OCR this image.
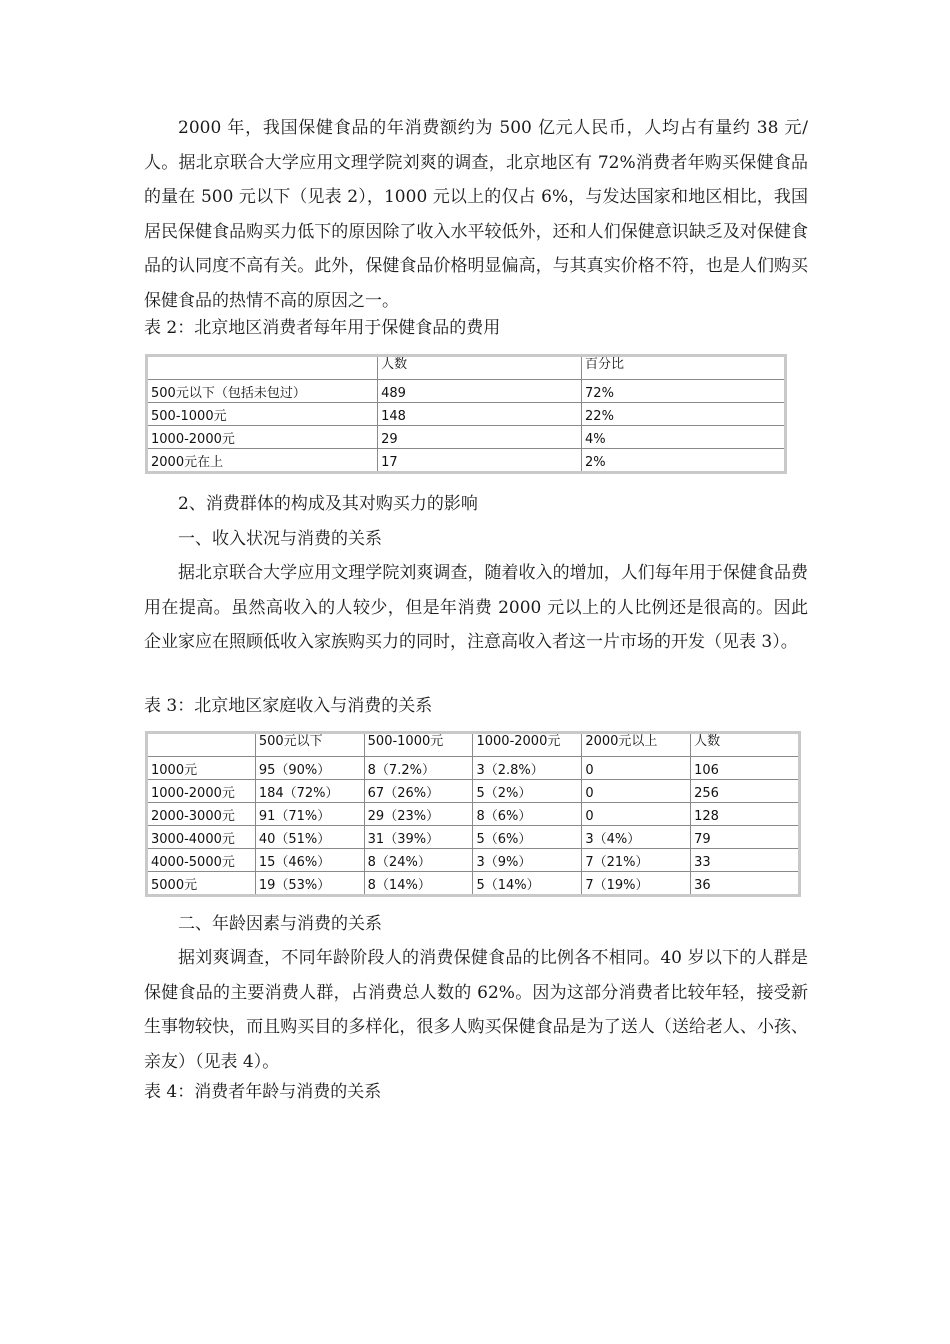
2000 年，我国保健食品的年消费额约为 500 亿元人民币，人均占有量约 38 元/人。据北京联合大学应用文理学院刘爽的调查，北京地区有 72%消费者年购买保健食品的量在 500 元以下（见表 2），1000 元以上的仅占 6%，与发达国家和地区相比，我国居民保健食品购买力低下的原因除了收入水平较低外，还和人们保健意识缺乏及对保健食品的认同度不高有关。此外，保健食品价格明显偏高，与其真实价格不符，也是人们购买保健食品的热情不高的原因之一。

表 2：北京地区消费者每年用于保健食品的费用

	人数	百分比
500元以下（包括未包过）	489	72%
500-1000元	148	22%
1000-2000元	29	4%
2000元在上	17	2%

2、消费群体的构成及其对购买力的影响

一、收入状况与消费的关系

据北京联合大学应用文理学院刘爽调查，随着收入的增加，人们每年用于保健食品费用在提高。虽然高收入的人较少，但是年消费 2000 元以上的人比例还是很高的。因此企业家应在照顾低收入家族购买力的同时，注意高收入者这一片市场的开发（见表 3）。

表 3：北京地区家庭收入与消费的关系

	500元以下	500-1000元	1000-2000元	2000元以上	人数
1000元	95（90%）	8（7.2%）	3（2.8%）	0	106
1000-2000元	184（72%）	67（26%）	5（2%）	0	256
2000-3000元	91（71%）	29（23%）	8（6%）	0	128
3000-4000元	40（51%）	31（39%）	5（6%）	3（4%）	79
4000-5000元	15（46%）	8（24%）	3（9%）	7（21%）	33
5000元	19（53%）	8（14%）	5（14%）	7（19%）	36

二、年龄因素与消费的关系

据刘爽调查，不同年龄阶段人的消费保健食品的比例各不相同。40 岁以下的人群是保健食品的主要消费人群，占消费总人数的 62%。因为这部分消费者比较年轻，接受新生事物较快，而且购买目的多样化，很多人购买保健食品是为了送人（送给老人、小孩、亲友）（见表 4）。

表 4：消费者年龄与消费的关系
